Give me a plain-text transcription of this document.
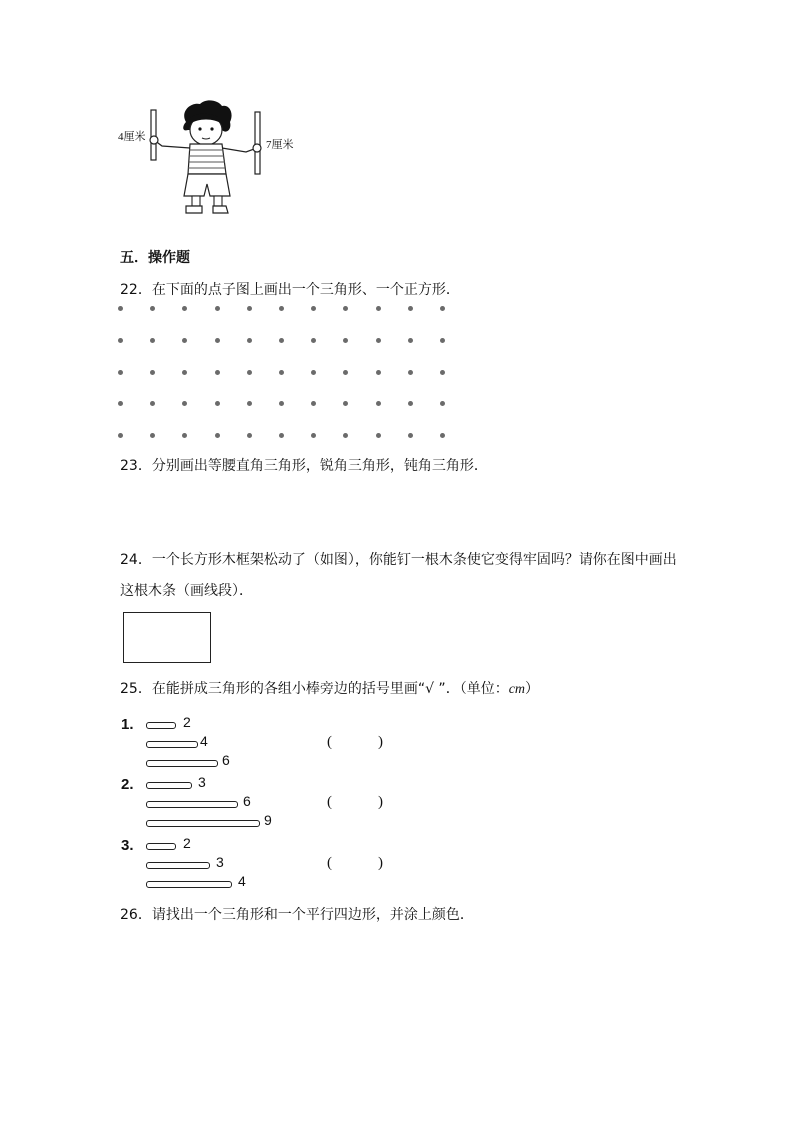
4厘米
7厘米
五．操作题
22．在下面的点子图上画出一个三角形、一个正方形．
23．分别画出等腰直角三角形，锐角三角形，钝角三角形．
24．一个长方形木框架松动了（如图），你能钉一根木条使它变得牢固吗？请你在图中画出
这根木条（画线段）．
25．在能拼成三角形的各组小棒旁边的括号里画“√ ”．（单位：cm）
1.	2
4
6
(	)
2.	3
6
9
(	)
3.	2
3
4
(	)
26．请找出一个三角形和一个平行四边形，并涂上颜色．
